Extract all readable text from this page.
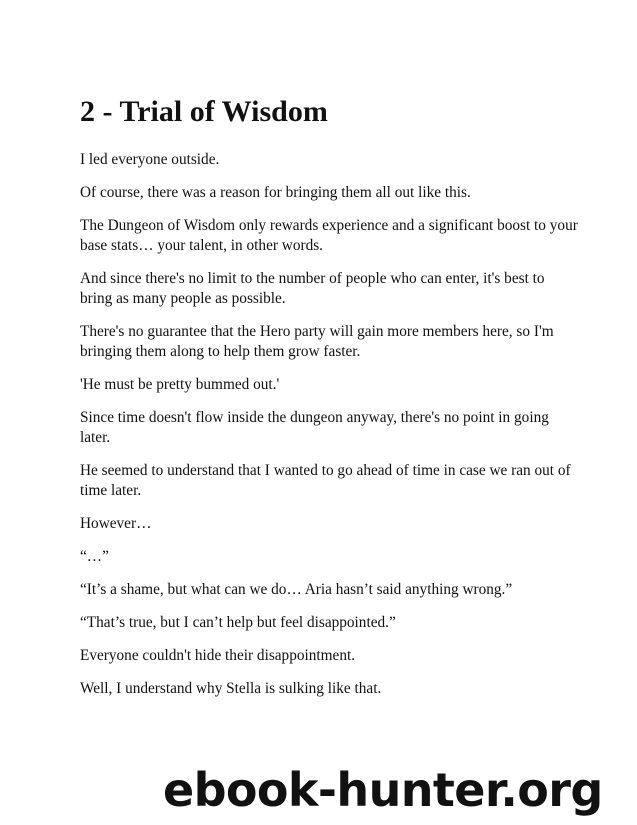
2 - Trial of Wisdom

I led everyone outside.

Of course, there was a reason for bringing them all out like this.

The Dungeon of Wisdom only rewards experience and a significant boost to your base stats… your talent, in other words.

And since there's no limit to the number of people who can enter, it's best to bring as many people as possible.

There's no guarantee that the Hero party will gain more members here, so I'm bringing them along to help them grow faster.

'He must be pretty bummed out.'

Since time doesn't flow inside the dungeon anyway, there's no point in going later.

He seemed to understand that I wanted to go ahead of time in case we ran out of time later.

However…

“…”

“It’s a shame, but what can we do… Aria hasn’t said anything wrong.”

“That’s true, but I can’t help but feel disappointed.”

Everyone couldn't hide their disappointment.

Well, I understand why Stella is sulking like that.

ebook-hunter.org
